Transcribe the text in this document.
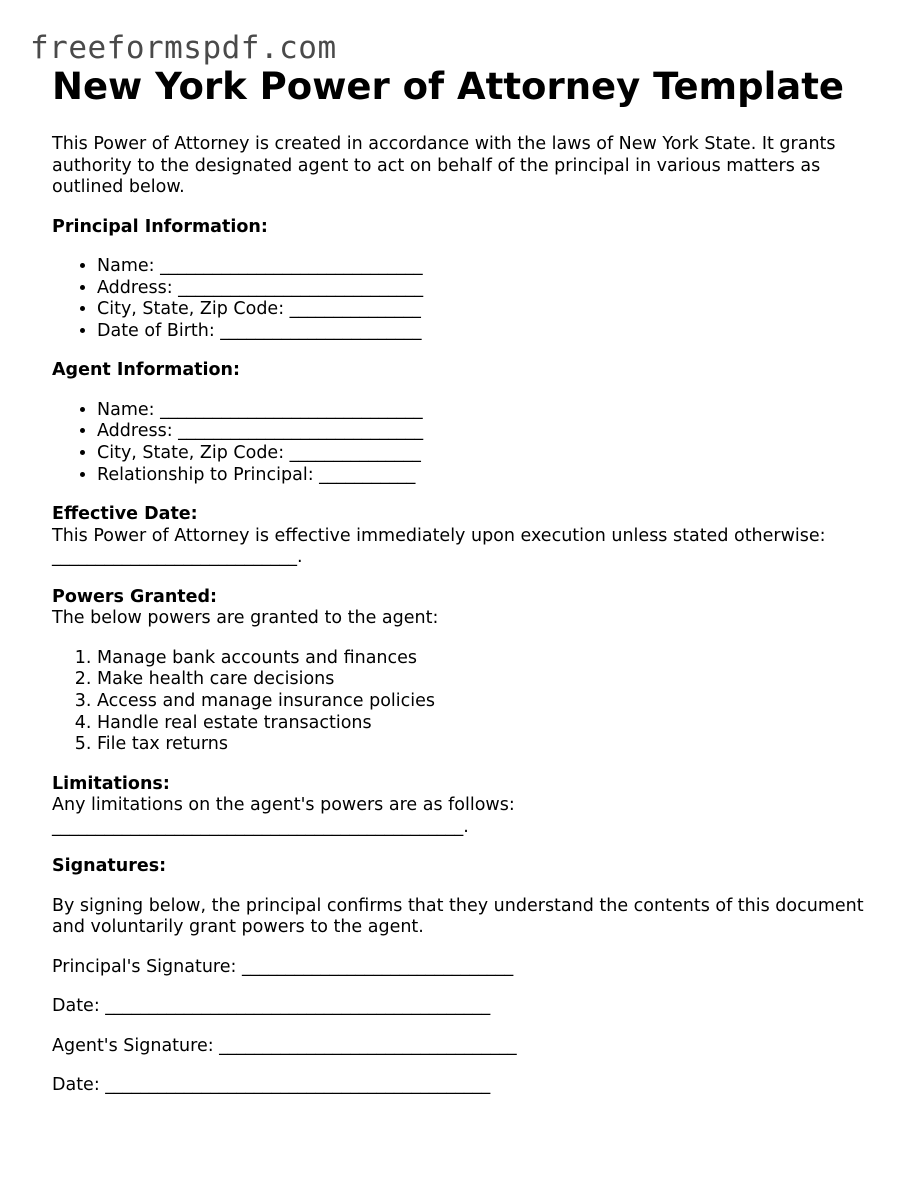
freeformspdf.com
New York Power of Attorney Template

This Power of Attorney is created in accordance with the laws of New York State. It grants authority to the designated agent to act on behalf of the principal in various matters as outlined below.

Principal Information:

• Name: ______________________________
• Address: ____________________________
• City, State, Zip Code: _______________
• Date of Birth: _______________________

Agent Information:

• Name: ______________________________
• Address: ____________________________
• City, State, Zip Code: _______________
• Relationship to Principal: ___________

Effective Date:

This Power of Attorney is effective immediately upon execution unless stated otherwise:

____________________________.

Powers Granted:

The below powers are granted to the agent:

1. Manage bank accounts and finances
2. Make health care decisions
3. Access and manage insurance policies
4. Handle real estate transactions
5. File tax returns

Limitations:

Any limitations on the agent's powers are as follows:

_______________________________________________.

Signatures:

By signing below, the principal confirms that they understand the contents of this document and voluntarily grant powers to the agent.

Principal's Signature: _______________________________

Date: ____________________________________________

Agent's Signature: __________________________________

Date: ____________________________________________
